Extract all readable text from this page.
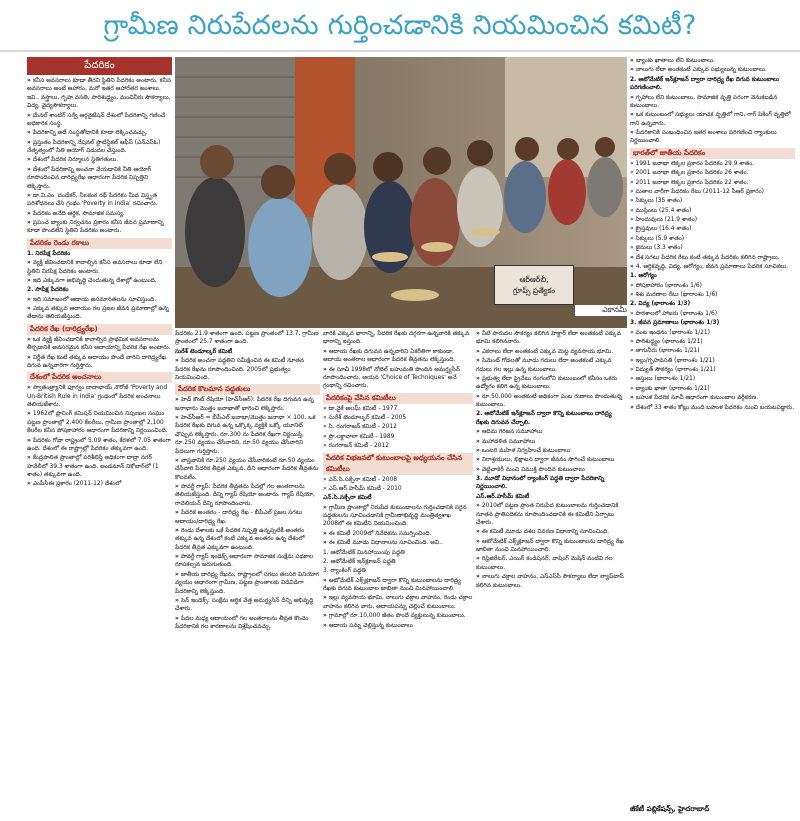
గ్రామీణ నిరుపేదలను గుర్తించడానికి నియమించిన కమిటీ?
పేదరికం
ఆర్‌ఆర్‌బీ,
గ్రూప్స్ ప్రత్యేకం
ఎకానమీ

» కనీస అవసరాలు కూడా తీరని స్థితిని పేదరికం అంటారు. కనీస అవసరాలు అంటే ఆహారం, మరో ఇతర ఆహారేతర అంశాలు. ఇవి.. వస్త్రాలు, గృహ వసతి, పారిశుద్ధ్యం, మంచినీరు సౌకర్యాలు, విద్య, వైద్యసౌకర్యాలు.

» మేనల్ శాంటిర్ సర్వే ఆర్గనైజేషన్ దేశంలో పేదరికాన్ని గణించే అధికారిక సంస్థ.

» పేదరికాన్ని అదే సంస్థతోటానికి కూడా లెక్కించవచ్చు.

» ప్రస్తుతం పేదరికాన్ని నేషనల్ స్టాటిస్టికల్ ఆఫీస్ (ఎన్‌ఎస్‌ఓ) నేతృత్వంలో నీతి ఆయోగ్ విడుదల చేస్తుంది.

» దేశంలో పేదరిక నిర్మూలన స్థితిగతులు.

» దేశంలో పేదరికాన్ని అంచనా వేయడానికి నీతి ఆయోగ్ రూపొందించిన దారిద్ర్యరేఖ ఆధారంగా పేదరిక నిష్పత్తిని లెక్కిస్తారు.

» డా.వి.ఎం. దండేకర్, నీలకంఠ రథ్ పేదరికం మీద విస్తృత పరిశోధనలు చేసి గ్రంథం 'Poverty in India' రచించారు.

» పేదరికం అనేది ఆర్థిక, సామాజిక సమస్య.

» ప్రపంచ బ్యాంకు నిర్వచనం ప్రకారం కనీస జీవన ప్రమాణాన్ని కూడా పొందలేని స్థితిని పేదరికం అంటారు.

పేదరికం రెండు రకాలు

1. నిరపేక్ష పేదరికం

» వ్యక్తి జీవించడానికి కావాల్సిన కనీస అవసరాలు కూడా లేని స్థితిని నిరపేక్ష పేదరికం అంటారు.

» ఇది ఎక్కువగా అభివృద్ధి చెందుతున్న దేశాల్లో ఉంటుంది.

2. సాపేక్ష పేదరికం

» ఇది సమాజంలో ఆదాయ అసమానతలను సూచిస్తుంది.

» ఎక్కువ తక్కువ ఆదాయం గల ప్రజల జీవన ప్రమాణాల్లో ఉన్న తేడాను తెలియజేస్తుంది.

పేదరిక రేఖ (దారిద్ర్యరేఖ)

» ఒక వ్యక్తి జీవించడానికి కావాల్సిన ప్రాథమిక అవసరాలను తీర్చడానికి అవసరమైన కనీస ఆదాయాన్ని పేదరిక రేఖ అంటారు.

» నిర్ణీత రేఖ కంటే తక్కువ ఆదాయం పొందే వారిని దారిద్ర్యరేఖ దిగువ ఉన్నవారిగా గుర్తిస్తారు.

దేశంలో పేదరిక అంచనాలు

» స్వాతంత్ర్యానికి పూర్వం దాదాభాయ్ నౌరోజీ 'Poverty and Un-British Rule in India' గ్రంథంలో పేదరిక అంచనాలు తెలియజేశారు.

» 1962లో ప్లానింగ్ కమిషన్ నియమించిన నిపుణుల సంఘం పట్టణ ప్రాంతాల్లో 2,400 కేలరీలు, గ్రామీణ ప్రాంతాల్లో 2,100 కేలరీల కనీస పోషకాహారం ఆధారంగా పేదరికాన్ని నిర్ణయించింది.

» పేదరికం గోవా రాష్ట్రంలో 5.09 శాతం, కేరళలో 7.05 శాతంగా ఉంది. దేశంలో ఈ రాష్ట్రాల్లో పేదరికం తక్కువగా ఉంది.

» కేంద్రపాలిత ప్రాంతాల్లో పరిశీలిస్తే అధికంగా దాద్రా నగర్ హవేలీలో 39.3 శాతంగా ఉంది. అండమాన్ నికోబార్‌లో (1 శాతం) తక్కువగా ఉంది.

» ఎంపీసీఈ ప్రకారం (2011-12) దేశంలో

పేదరికం 21.9 శాతంగా ఉంది. పట్టణ ప్రాంతంలో 13.7, గ్రామీణ ప్రాంతంలో 25.7 శాతంగా ఉంది.

సురేశ్ టెండూల్కర్ కమిటీ

» పేదరిక అంచనా పద్ధతిని సమీక్షించిన ఈ కమిటీ నూతన పేదరిక రేఖను రూపొందించింది. 2005లో ప్రభుత్వం నియమించింది.

పేదరిక కొలమాన పద్ధతులు

» హెడ్ కౌంట్ రేషియో (హెచ్‌సీఆర్): పేదరిక రేఖ దిగువన ఉన్న జనాభాను మొత్తం జనాభాతో భాగించి లెక్కిస్తారు.

» హెచ్‌సీఆర్ = బీపీఎల్ జనాభా/మొత్తం జనాభా × 100. ఒక పేదరిక రేఖకు దిగువ ఉన్న ఒక్కొక్క వ్యక్తికి ఒక్కో యూనిట్ చొప్పున లెక్కిస్తారు. రూ.300 ను పేదరిక రేఖగా నిర్ణయిస్తే, రూ.250 వ్యయం చేసేవారిని, రూ.50 వ్యయం చేసేవారిని పేదలుగా గుర్తిస్తారు.

» వాస్తవానికి రూ.250 వ్యయం చేసేవారికంటే రూ.50 వ్యయం చేసేవారి పేదరిక తీవ్రత ఎక్కువ. దీని ఆధారంగా పేదరిక తీవ్రతను కొలవలేం.

» పావర్టీ గ్యాప్: పేదరిక తీవ్రతను పేదల్లో గల అంతరాలను తెలియజేస్తుంది. దీన్ని గ్యాప్ రేషియో అంటారు. గ్యాప్ రేషియో, రావెలియన్ దీన్ని రూపొందించారు.

» పేదరిక అంతరం - దారిద్ర్య రేఖ - బీపీఎల్ ప్రజల సగటు ఆదాయం/దారిద్ర్య రేఖ.

» రెండు దేశాలకు ఒకే పేదరిక నిష్పత్తి ఉన్నప్పటికీ అంతరం తక్కువ ఉన్న దేశంలో కంటే ఎక్కువ అంతరం ఉన్న దేశంలో పేదరిక తీవ్రత ఎక్కువగా ఉంటుంది.

» పావర్టీ గ్యాప్ ఇండెక్స్ ఆధారంగా సామాజిక సంక్షేమ పథకాల రూపకల్పన జరుగుతుంది.

» జాతీయ దారిద్ర్య రేఖను, రాష్ట్రాలలో సగటు తలసరి వినియోగ వ్యయం ఆధారంగా గ్రామీణ, పట్టణ ప్రాంతాలకు విడివిడిగా పేదరికాన్ని లెక్కిస్తుంది.

» సెన్ ఇండెక్స్: సంక్షేమ ఆర్థిక వేత్త అమర్త్యసేన్ దీన్ని అభివృద్ధి చేశారు.

» పేదల మధ్య ఆదాయంలో గల అంతరాలను తీవ్రత కొంచెం పేదరికానికి గల కారణాలను విశ్లేషించవచ్చు.

వారికి ఎక్కువ భారాన్ని, పేదరిక రేఖకు దగ్గరగా ఉన్నవారికి తక్కువ భారాన్ని ఇస్తుంది.

» ఆదాయ రేఖకు దిగువన ఉన్నవారిని ఏకరీతిగా కాకుండా, ఆదాయ అంతరాల ఆధారంగా పేదరిక తీవ్రతను లెక్కిస్తుంది.

» ఈ సూచీ 1998లో నోబెల్ బహుమతి పొందిన అమర్త్యసేన్ రూపొందించారు. ఆయన 'Choice of Techniques' అనే గ్రంథాన్ని రచించారు.

పేదరికంపై వేసిన కమిటీలు

» డా.వైకే అలఘ్ కమిటీ - 1977

» సురేశ్ టెండూల్కర్ కమిటీ - 2005

» సి. రంగరాజన్ కమిటీ - 2012

» ప్రొ.లక్డావాలా కమిటీ - 1989

» రంగరాజన్ కమిటీ - 2012

పేదరిక విభజనలో కుటుంబాలపై అధ్యయనం చేసిన కమిటీలు

» ఎన్.సి.సక్సేనా కమిటీ - 2008

» ఎస్.ఆర్.హసీమ్ కమిటీ - 2010

ఎన్.సి.సక్సేనా కమిటీ

» గ్రామీణ ప్రాంతాల్లో నిరుపేద కుటుంబాలను గుర్తించడానికి సరైన పద్ధతులను సూచించడానికి గ్రామీణాభివృద్ధి మంత్రిత్వశాఖ 2008లో ఈ కమిటీని నియమించింది.

» ఈ కమిటీ 2009లో నివేదికను సమర్పించింది.

» ఈ కమిటీ మూడు విధానాలను సూచించింది. అవి..

1. ఆటోమేటిక్ మినహాయింపు పద్ధతి

2. ఆటోమేటిక్ ఇన్‌క్లూజన్ పద్ధతి

3. ర్యాంకింగ్ పద్ధతి

» ఆటోమేటిక్ ఎక్స్‌క్లూజన్ ద్వారా కొన్ని కుటుంబాలను దారిద్ర్య రేఖకు దిగువ కుటుంబాల జాబితా నుంచి మినహాయించాలి.

» ఇల్లు వ్యవసాయ భూమి, నాలుగు చక్రాల వాహనం, రెండు చక్రాల వాహనం కలిగిన వారు, ఆదాయపన్ను చెల్లించే కుటుంబాలు.

» గ్రామాల్లో రూ.10,000 జీతం పొందే వ్యక్తులున్న కుటుంబాలు.

» ఆదాయ పన్ను చెల్లిస్తున్న కుటుంబాలు

» నీటి పారుదల సౌకర్యం కలిగిన హెక్టార్ లేదా అంతకంటే ఎక్కువ భూమి కలిగినవారు.

» ఎకరాలు లేదా అంతకంటే ఎక్కువ మెట్ట వ్యవసాయ భూమి.

» సిమెంట్ గోడలతో మూడు గదులు లేదా అంతకంటే ఎక్కువ గదులు గల ఇల్లు ఉన్న కుటుంబాలు.

» ప్రభుత్వ లేదా ప్రైవేటు రంగంలోని కుటుంబంలో కనీసం ఒకరు ఉద్యోగం కలిగి ఉన్న కుటుంబాలు.

» రూ.50,000 అంతకంటే అధికంగా పంట రుణాలు పొందుతున్న కుటుంబాలు.

2. ఆటోమేటిక్ ఇన్‌క్లూజన్ ద్వారా కొన్ని కుటుంబాలు దారిద్ర్య రేఖకు దిగువన చేర్చాలి.

» ఆదిమ గిరిజన సమూహాలు

» మహాదళిత సమూహాలు

» ఒంటరి మహిళ నిర్వహించే కుటుంబాలు

» నిరాశ్రయులు, భిక్షాటన ద్వారా జీవనం సాగించే కుటుంబాలు

» వెట్టిచాకిరీ నుంచి విముక్తి పొందిన కుటుంబాలు

3. మూడో విధానంలో ర్యాంకింగ్ పద్ధతి ద్వారా పేదరికాన్ని నిర్ణయించాలి.

ఎస్.ఆర్.హసీమ్ కమిటీ

» 2010లో పట్టణ ప్రాంత నిరుపేద కుటుంబాలను గుర్తించడానికి నూతన ప్రాతిపదికను రూపొందించడానికి ఈ కమిటీని ఏర్పాటు చేశారు.

» ఈ కమిటీ మూడు దశల వివరణ విధానాన్ని సూచించింది.

» ఆటోమేటిక్ ఎక్స్‌క్లూజన్ ద్వారా కొన్ని కుటుంబాలను దారిద్ర్య రేఖ జాబితా నుంచి మినహాయించాలి.

» రిఫ్రిజిరేటర్, ఎయిర్ కండిషనర్, వాషింగ్ మెషిన్ వంటివి గల కుటుంబాలు.

» నాలుగు చక్రాల వాహనం, ఎస్ఎస్‌సీ సౌకర్యాలు లేదా ల్యాప్‌టాప్ కలిగిన కుటుంబాలు.

» బ్యాంకు ఖాతాలు లేని కుటుంబాలు.

» నాలుగు లేదా అంతకంటే ఎక్కువ సభ్యులున్న కుటుంబాలు.

2. ఆటోమేటిక్ ఇన్‌క్లూజన్ ద్వారా దారిద్ర్య రేఖ దిగువ కుటుంబాలు పరిగణించాలి.

» గృహాలు లేని కుటుంబాలు, సామాజిక వృత్తి పరంగా వెనుకబడిన కుటుంబాలు.

» ఒక కుటుంబంలో సభ్యులు యాచక వృత్తిలో గాని, రాగ్ పికింగ్ వృత్తిలో గాని ఉన్నవారు.

» పేదరికానికి సంబంధించిన ఇతర అంశాలు పరిగణించి ర్యాంకులు నిర్ణయించాలి.

భారత్‌లో జాతీయ పేదరికం

» 1991 జనాభా లెక్కల ప్రకారం పేదరికం 29.9 శాతం.

» 2001 జనాభా లెక్కల ప్రకారం పేదరికం 26 శాతం.

» 2011 జనాభా లెక్కల ప్రకారం పేదరికం 22 శాతం.

» మతాల వారీగా పేదరికం రేటు (2011-12 సీఆర్ ప్రకారం)

» సిక్కులు (35 శాతం)

» ముస్లింలు (25.4 శాతం)

» హిందువులు (21.9 శాతం)

» క్రైస్తవులు (16.4 శాతం)

» సిక్కులు (5.9 శాతం)

» జైనులు (3.3 శాతం)

» దేశ సగటు పేదరిక రేటు కంటే తక్కువ పేదరికం కలిగిన రాష్ట్రాలు.

» 4. ఆర్థికవృద్ధి, విద్య, ఆరోగ్యం, జీవన ప్రమాణాలు పేదరిక సూచికలు.

1. ఆరోగ్యం

» పోషకాహారం (భారాంశం 1/6)

» శిశు మరణాల రేటు (భారాంశం 1/6)

2. విద్య (భారాంశం 1/3)

» పాఠశాలలో హాజరు (భారాంశం 1/6)

3. జీవన ప్రమాణాలు (భారాంశం 1/3)

» వంట ఇంధనం (భారాంశం 1/21)

» పారిశుద్ధ్యం (భారాంశం 1/21)

» తాగునీరు (భారాంశం 1/21)

» ఇల్లు/గృహవసతి (భారాంశం 1/21)

» విద్యుత్ సౌకర్యం (భారాంశం 1/21)

» ఆస్తులు (భారాంశం 1/21)

» బ్యాంకు ఖాతా (భారాంశం 1/21)

» బహుళ పేదరిక సూచీ ఆధారంగా కుటుంబాల వర్గీకరణ.

» దేశంలో 33 శాతం కోట్లు మంది బహుళ పేదరికం నుంచి బయటపడ్డారు.

జీకేటీ పబ్లికేషన్స్, హైదరాబాద్
